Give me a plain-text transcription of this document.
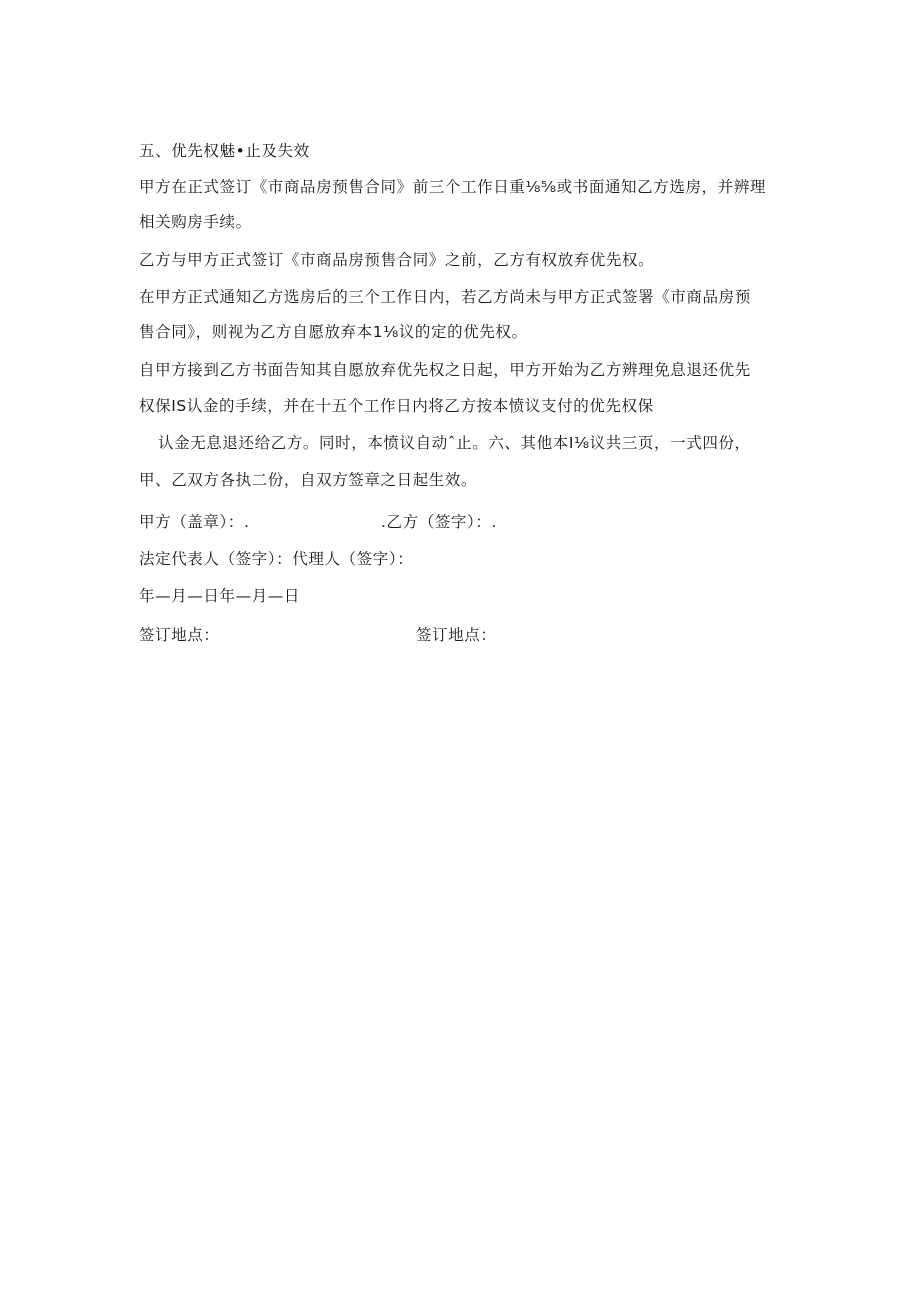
五、优先权魅•止及失效
甲方在正式签订《市商品房预售合同》前三个工作日重⅛⅝或书面通知乙方选房，并辨理
相关购房手续。
乙方与甲方正式签订《市商品房预售合同》之前，乙方有权放弃优先权。
在甲方正式通知乙方选房后的三个工作日内，若乙方尚未与甲方正式签署《市商品房预
售合同》，则视为乙方自愿放弃本1⅛议的定的优先权。
自甲方接到乙方书面告知其自愿放弃优先权之日起，甲方开始为乙方辨理免息退还优先
权保IS认金的手续，并在十五个工作日内将乙方按本愤议支付的优先权保
认金无息退还给乙方。同时，本愤议自动ˆ止。六、其他本I⅛议共三页，一式四份，
甲、乙双方各执二份，自双方签章之日起生效。
甲方（盖章）：.	.乙方（签字）：.
法定代表人（签字）：代理人（签字）：
年—月—日年—月—日
签订地点：	签订地点：
